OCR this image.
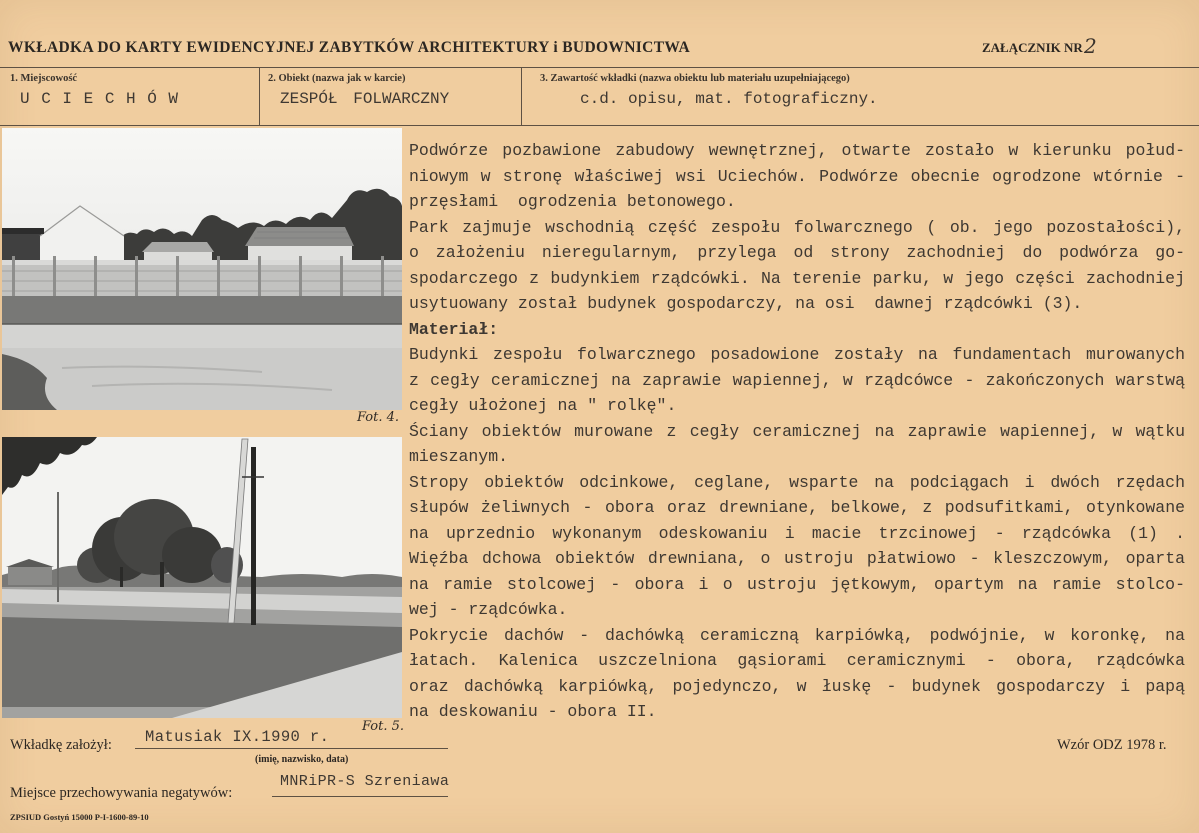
WKŁADKA DO KARTY EWIDENCYJNEJ ZABYTKÓW ARCHITEKTURY i BUDOWNICTWA	ZAŁĄCZNIK NR 2
1. Miejscowość
U C I E C H Ó W
2. Obiekt (nazwa jak w karcie)
ZESPÓŁ FOLWARCZNY
3. Zawartość wkładki (nazwa obiektu lub materiału uzupełniającego)
c.d. opisu, mat. fotograficzny.
Fot. 4.
Fot. 5.
Podwórze pozbawione zabudowy wewnętrznej, otwarte zostało w kierunku połud-
niowym w stronę właściwej wsi Uciechów. Podwórze obecnie ogrodzone wtórnie -
przęsłami  ogrodzenia betonowego.
Park zajmuje wschodnią część zespołu folwarcznego ( ob. jego pozostałości),
o założeniu nieregularnym, przylega od strony zachodniej do podwórza go-
spodarczego z budynkiem rządcówki. Na terenie parku, w jego części zachodniej
usytuowany został budynek gospodarczy, na osi  dawnej rządcówki (3).
Materiał:
Budynki zespołu folwarcznego posadowione zostały na fundamentach murowanych
z cegły ceramicznej na zaprawie wapiennej, w rządcówce - zakończonych warstwą
cegły ułożonej na " rolkę".
Ściany obiektów murowane z cegły ceramicznej na zaprawie wapiennej, w wątku
mieszanym.
Stropy obiektów odcinkowe, ceglane, wsparte na podciągach i dwóch rzędach
słupów żeliwnych - obora oraz drewniane, belkowe, z podsufitkami, otynkowane
na uprzednio wykonanym odeskowaniu i macie trzcinowej - rządcówka (1) .
Więźba dchowa obiektów drewniana, o ustroju płatwiowo - kleszczowym, oparta
na ramie stolcowej - obora i o ustroju jętkowym, opartym na ramie stolco-
wej - rządcówka.
Pokrycie dachów - dachówką ceramiczną karpiówką, podwójnie, w koronkę, na
łatach. Kalenica uszczelniona gąsiorami ceramicznymi - obora, rządcówka
oraz dachówką karpiówką, pojedynczo, w łuskę - budynek gospodarczy i papą
na deskowaniu - obora II.
Wkładkę założył: Matusiak IX.1990 r.
(imię, nazwisko, data)
Wzór ODZ 1978 r.
Miejsce przechowywania negatywów:
MNRiPR-S Szreniawa
ZPSIUD Gostyń 15000 P-I-1600-89-10
